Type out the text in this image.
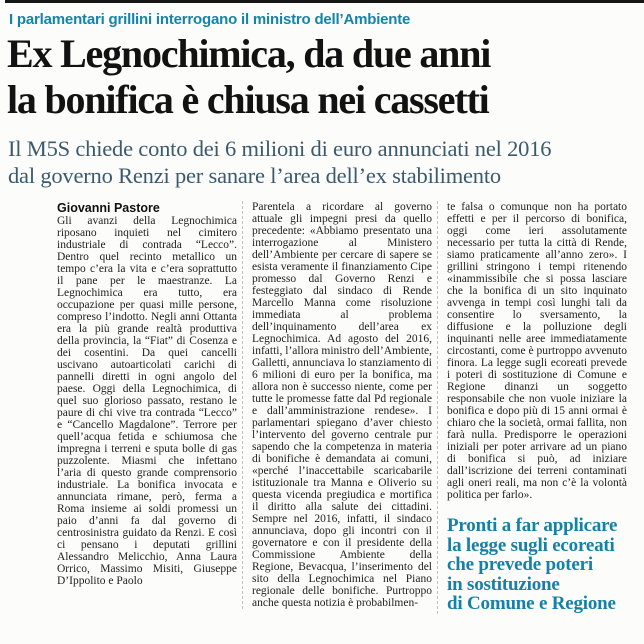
I parlamentari grillini interrogano il ministro dell’Ambiente
Ex Legnochimica, da due anni
la bonifica è chiusa nei cassetti
Il M5S chiede conto dei 6 milioni di euro annunciati nel 2016
dal governo Renzi per sanare l’area dell’ex stabilimento
Giovanni Pastore
Gli avanzi della Legnochimica riposano inquieti nel cimitero industriale di contrada “Lecco”. Dentro quel recinto metallico un tempo c’era la vita e c’era soprattutto il pane per le maestranze. La Legnochimica era tutto, era occupazione per quasi mille persone, compreso l’indotto. Negli anni Ottanta era la più grande realtà produttiva della provincia, la “Fiat” di Cosenza e dei cosentini. Da quei cancelli uscivano autoarticolati carichi di pannelli diretti in ogni angolo del paese. Oggi della Legnochimica, di quel suo glorioso passato, restano le paure di chi vive tra contrada “Lecco” e “Cancello Magdalone”. Terrore per quell’acqua fetida e schiumosa che impregna i terreni e sputa bolle di gas puzzolente. Miasmi che infettano l’aria di questo grande comprensorio industriale. La bonifica invocata e annunciata rimane, però, ferma a Roma insieme ai soldi promessi un paio d’anni fa dal governo di centrosinistra guidato da Renzi. E così ci pensano i deputati grillini Alessandro Melicchio, Anna Laura Orrico, Massimo Misiti, Giuseppe D’Ippolito e Paolo
Parentela a ricordare al governo attuale gli impegni presi da quello precedente: «Abbiamo presentato una interrogazione al Ministero dell’Ambiente per cercare di sapere se esista veramente il finanziamento Cipe promesso dal Governo Renzi e festeggiato dal sindaco di Rende Marcello Manna come risoluzione immediata al problema dell’inquinamento dell’area ex Legnochimica. Ad agosto del 2016, infatti, l’allora ministro dell’Ambiente, Galletti, annunciava lo stanziamento di 6 milioni di euro per la bonifica, ma allora non è successo niente, come per tutte le promesse fatte dal Pd regionale e dall’amministrazione rendese». I parlamentari spiegano d’aver chiesto l’intervento del governo centrale pur sapendo che la competenza in materia di bonifiche è demandata ai comuni, «perché l’inaccettabile scaricabarile istituzionale tra Manna e Oliverio su questa vicenda pregiudica e mortifica il diritto alla salute dei cittadini. Sempre nel 2016, infatti, il sindaco annunciava, dopo gli incontri con il governatore e con il presidente della Commissione Ambiente della Regione, Bevacqua, l’inserimento del sito della Legnochimica nel Piano regionale delle bonifiche. Purtroppo anche questa notizia è probabilmen-
te falsa o comunque non ha portato effetti e per il percorso di bonifica, oggi come ieri assolutamente necessario per tutta la città di Rende, siamo praticamente all’anno zero». I grillini stringono i tempi ritenendo «inammissibile che si possa lasciare che la bonifica di un sito inquinato avvenga in tempi così lunghi tali da consentire lo sversamento, la diffusione e la polluzione degli inquinanti nelle aree immediatamente circostanti, come è purtroppo avvenuto finora. La legge sugli ecoreati prevede i poteri di sostituzione di Comune e Regione dinanzi un soggetto responsabile che non vuole iniziare la bonifica e dopo più di 15 anni ormai è chiaro che la società, ormai fallita, non farà nulla. Predisporre le operazioni iniziali per poter arrivare ad un piano di bonifica si può, ad iniziare dall’iscrizione dei terreni contaminati agli oneri reali, ma non c’è la volontà politica per farlo».
Pronti a far applicare
la legge sugli ecoreati
che prevede poteri
in sostituzione
di Comune e Regione
